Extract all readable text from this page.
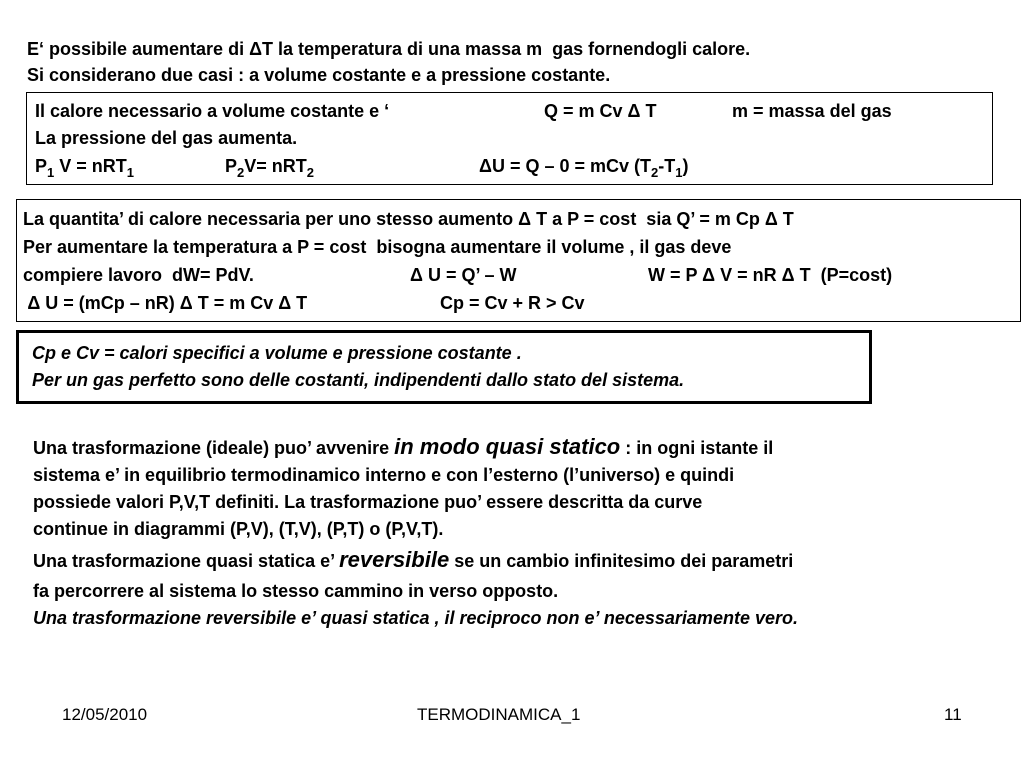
E‘ possibile aumentare di ΔT la temperatura di una massa m  gas fornendogli calore.
Si considerano due casi : a volume costante e a pressione costante.
Il calore necessario a volume costante e ‘	Q = m Cv Δ T	m = massa del gas
La pressione del gas aumenta.
$P_1$ V = nRT$_1$	$P_2V= nRT_2$	ΔU = Q – 0 = mCv $(T_2-T_1)$
La quantita’ di calore necessaria per uno stesso aumento Δ T a P = cost  sia Q’ = m Cp Δ T
Per aumentare la temperatura a P = cost  bisogna aumentare il volume , il gas deve
compiere lavoro  dW= PdV.	Δ U = Q’ – W	W = P Δ V = nR Δ T  (P=cost)
Δ U = (mCp – nR) Δ T = m Cv Δ T	Cp = Cv + R > Cv
Cp e Cv = calori specifici a volume e pressione costante .
Per un gas perfetto sono delle costanti, indipendenti dallo stato del sistema.
Una trasformazione (ideale) puo’ avvenire in modo quasi statico : in ogni istante il
sistema e’ in equilibrio termodinamico interno e con l’esterno (l’universo) e quindi
possiede valori P,V,T definiti. La trasformazione puo’ essere descritta da curve
continue in diagrammi (P,V), (T,V), (P,T) o (P,V,T).
Una trasformazione quasi statica e’ reversibile se un cambio infinitesimo dei parametri
fa percorrere al sistema lo stesso cammino in verso opposto.
Una trasformazione reversibile e’ quasi statica , il reciproco non e’ necessariamente vero.
12/05/2010	TERMODINAMICA_1	11
